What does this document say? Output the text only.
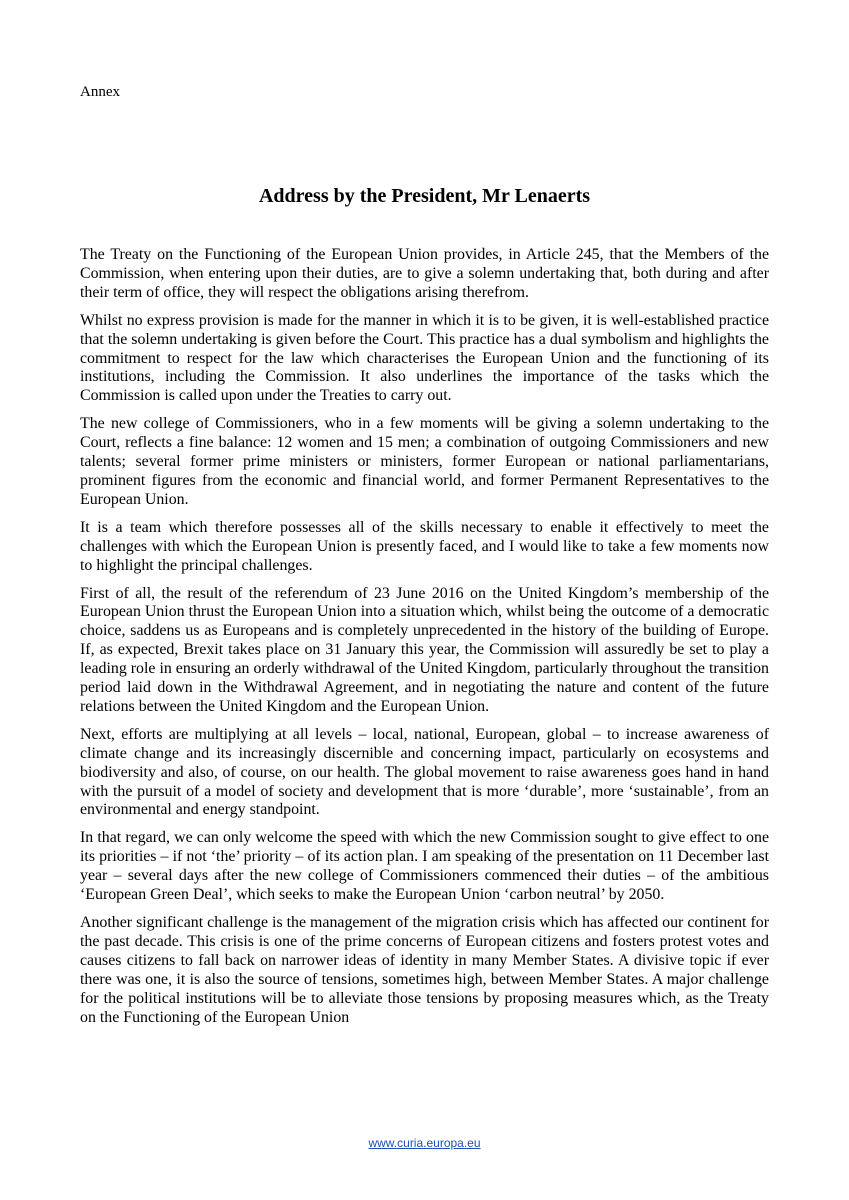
Annex
Address by the President, Mr Lenaerts

The Treaty on the Functioning of the European Union provides, in Article 245, that the Members of the Commission, when entering upon their duties, are to give a solemn undertaking that, both during and after their term of office, they will respect the obligations arising therefrom.

Whilst no express provision is made for the manner in which it is to be given, it is well-established practice that the solemn undertaking is given before the Court. This practice has a dual symbolism and highlights the commitment to respect for the law which characterises the European Union and the functioning of its institutions, including the Commission. It also underlines the importance of the tasks which the Commission is called upon under the Treaties to carry out.

The new college of Commissioners, who in a few moments will be giving a solemn undertaking to the Court, reflects a fine balance: 12 women and 15 men; a combination of outgoing Commissioners and new talents; several former prime ministers or ministers, former European or national parliamentarians, prominent figures from the economic and financial world, and former Permanent Representatives to the European Union.

It is a team which therefore possesses all of the skills necessary to enable it effectively to meet the challenges with which the European Union is presently faced, and I would like to take a few moments now to highlight the principal challenges.

First of all, the result of the referendum of 23 June 2016 on the United Kingdom’s membership of the European Union thrust the European Union into a situation which, whilst being the outcome of a democratic choice, saddens us as Europeans and is completely unprecedented in the history of the building of Europe. If, as expected, Brexit takes place on 31 January this year, the Commission will assuredly be set to play a leading role in ensuring an orderly withdrawal of the United Kingdom, particularly throughout the transition period laid down in the Withdrawal Agreement, and in negotiating the nature and content of the future relations between the United Kingdom and the European Union.

Next, efforts are multiplying at all levels – local, national, European, global – to increase awareness of climate change and its increasingly discernible and concerning impact, particularly on ecosystems and biodiversity and also, of course, on our health. The global movement to raise awareness goes hand in hand with the pursuit of a model of society and development that is more ‘durable’, more ‘sustainable’, from an environmental and energy standpoint.

In that regard, we can only welcome the speed with which the new Commission sought to give effect to one its priorities – if not ‘the’ priority – of its action plan. I am speaking of the presentation on 11 December last year – several days after the new college of Commissioners commenced their duties – of the ambitious ‘European Green Deal’, which seeks to make the European Union ‘carbon neutral’ by 2050.

Another significant challenge is the management of the migration crisis which has affected our continent for the past decade. This crisis is one of the prime concerns of European citizens and fosters protest votes and causes citizens to fall back on narrower ideas of identity in many Member States. A divisive topic if ever there was one, it is also the source of tensions, sometimes high, between Member States. A major challenge for the political institutions will be to alleviate those tensions by proposing measures which, as the Treaty on the Functioning of the European Union

www.curia.europa.eu
